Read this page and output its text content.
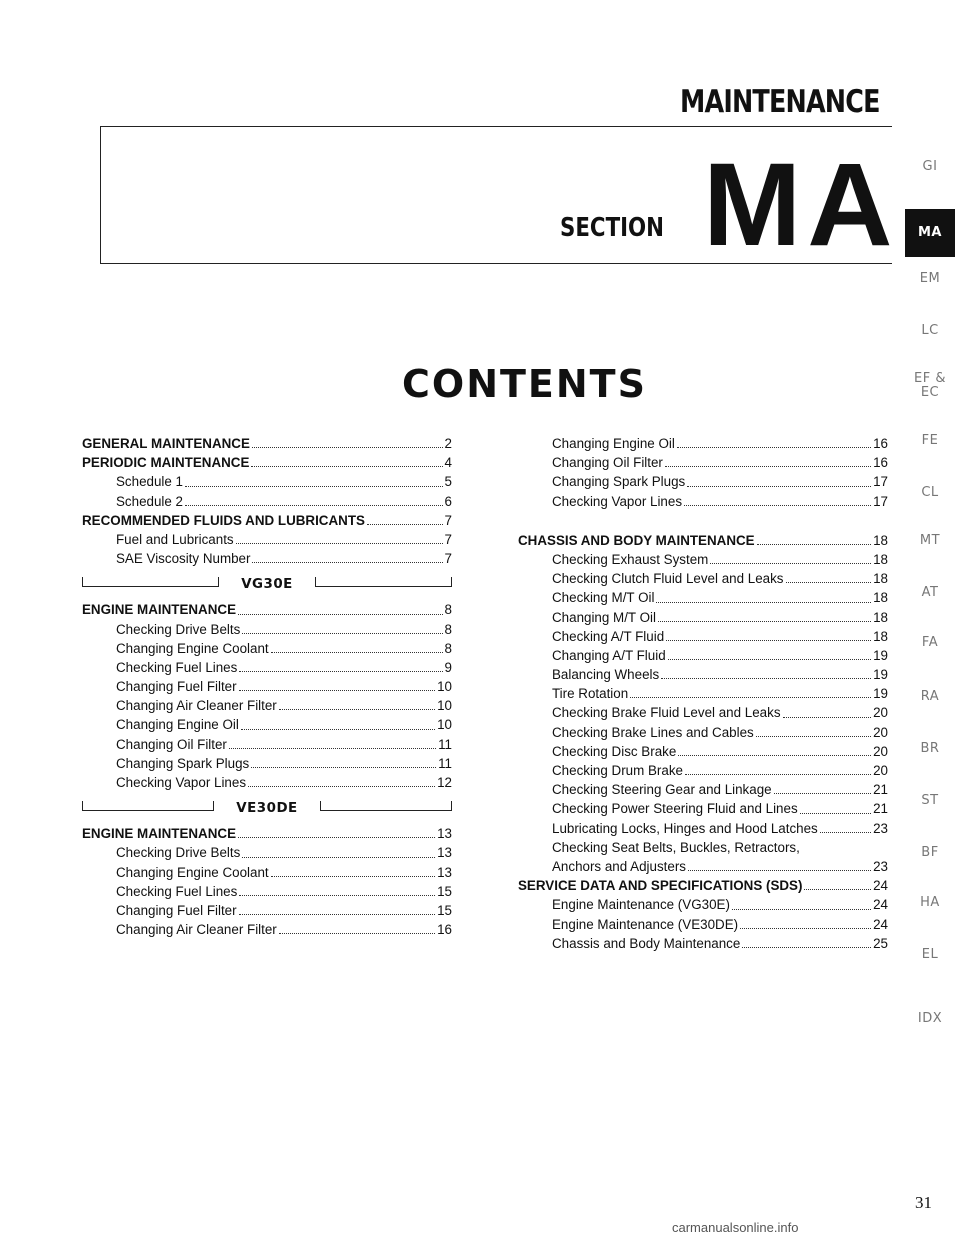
MAINTENANCE
SECTION MA
CONTENTS
GENERAL MAINTENANCE	2
PERIODIC MAINTENANCE	4
Schedule 1	5
Schedule 2	6
RECOMMENDED FLUIDS AND LUBRICANTS	7
Fuel and Lubricants	7
SAE Viscosity Number	7
VG30E
ENGINE MAINTENANCE	8
Checking Drive Belts	8
Changing Engine Coolant	8
Checking Fuel Lines	9
Changing Fuel Filter	10
Changing Air Cleaner Filter	10
Changing Engine Oil	10
Changing Oil Filter	11
Changing Spark Plugs	11
Checking Vapor Lines	12
VE30DE
ENGINE MAINTENANCE	13
Checking Drive Belts	13
Changing Engine Coolant	13
Checking Fuel Lines	15
Changing Fuel Filter	15
Changing Air Cleaner Filter	16
Changing Engine Oil	16
Changing Oil Filter	16
Changing Spark Plugs	17
Checking Vapor Lines	17
CHASSIS AND BODY MAINTENANCE	18
Checking Exhaust System	18
Checking Clutch Fluid Level and Leaks	18
Checking M/T Oil	18
Changing M/T Oil	18
Checking A/T Fluid	18
Changing A/T Fluid	19
Balancing Wheels	19
Tire Rotation	19
Checking Brake Fluid Level and Leaks	20
Checking Brake Lines and Cables	20
Checking Disc Brake	20
Checking Drum Brake	20
Checking Steering Gear and Linkage	21
Checking Power Steering Fluid and Lines	21
Lubricating Locks, Hinges and Hood Latches	23
Checking Seat Belts, Buckles, Retractors,
Anchors and Adjusters	23
SERVICE DATA AND SPECIFICATIONS (SDS)	24
Engine Maintenance (VG30E)	24
Engine Maintenance (VE30DE)	24
Chassis and Body Maintenance	25
GI
MA
EM
LC
EF &
EC
FE
CL
MT
AT
FA
RA
BR
ST
BF
HA
EL
IDX
31
carmanualsonline.info
